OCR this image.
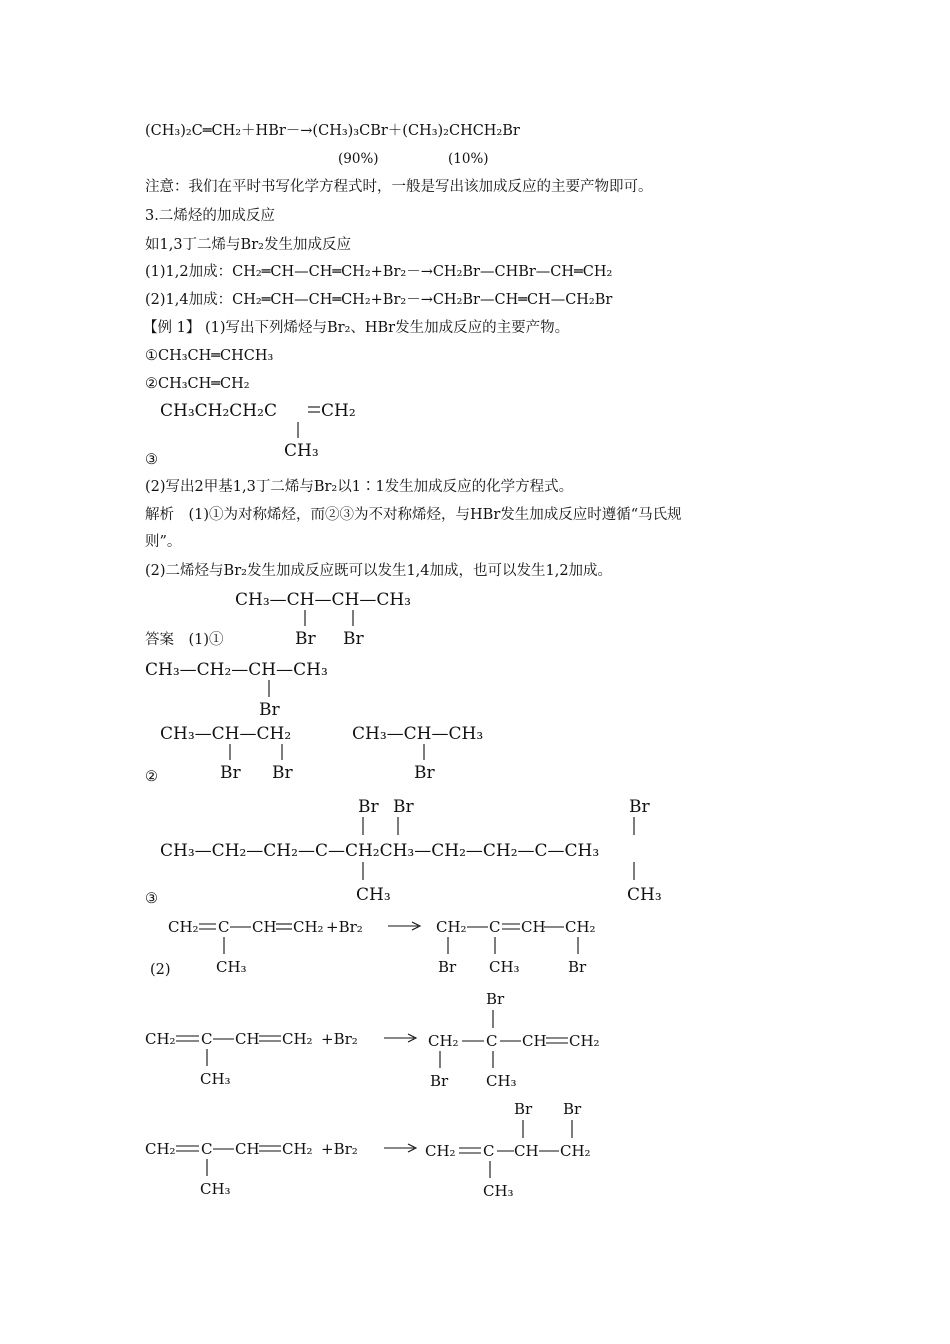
(CH₃)₂C═CH₂＋HBr－→(CH₃)₃CBr＋(CH₃)₂CHCH₂Br
(90%)	(10%)
注意：我们在平时书写化学方程式时，一般是写出该加成反应的主要产物即可。
3.二烯烃的加成反应
如1,3丁二烯与Br₂发生加成反应
(1)1,2加成：CH₂═CH—CH═CH₂+Br₂－→CH₂Br—CHBr—CH═CH₂
(2)1,4加成：CH₂═CH—CH═CH₂+Br₂－→CH₂Br—CH═CH—CH₂Br
【例 1】 (1)写出下列烯烃与Br₂、HBr发生加成反应的主要产物。
①CH₃CH═CHCH₃
②CH₃CH═CH₂
CH₃CH₂CH₂C	CH₂
CH₃
③
(2)写出2甲基1,3丁二烯与Br₂以1∶1发生加成反应的化学方程式。
解析　(1)①为对称烯烃，而②③为不对称烯烃，与HBr发生加成反应时遵循“马氏规
则”。
(2)二烯烃与Br₂发生加成反应既可以发生1,4加成，也可以发生1,2加成。
CH₃—CH—CH—CH₃
Br Br
答案　(1)①
CH₃—CH₂—CH—CH₃
Br
CH₃—CH—CH₂
Br Br
CH₃—CH—CH₃
Br
②
Br Br	Br
CH₃—CH₂—CH₂—C—CH₂CH₃—CH₂—CH₂—C—CH₃
CH₃	CH₃
③
CH₂ C CH CH₂ +Br₂
CH₃
→ CH₂ C CH CH₂
Br CH₃	Br
(2)
CH₂ C CH CH₂ +Br₂
CH₃
Br
CH₂ C CH CH₂
Br	CH₃
CH₂ C CH CH₂ +Br₂
CH₃
Br Br
CH₂ C CH CH₂
CH₃
